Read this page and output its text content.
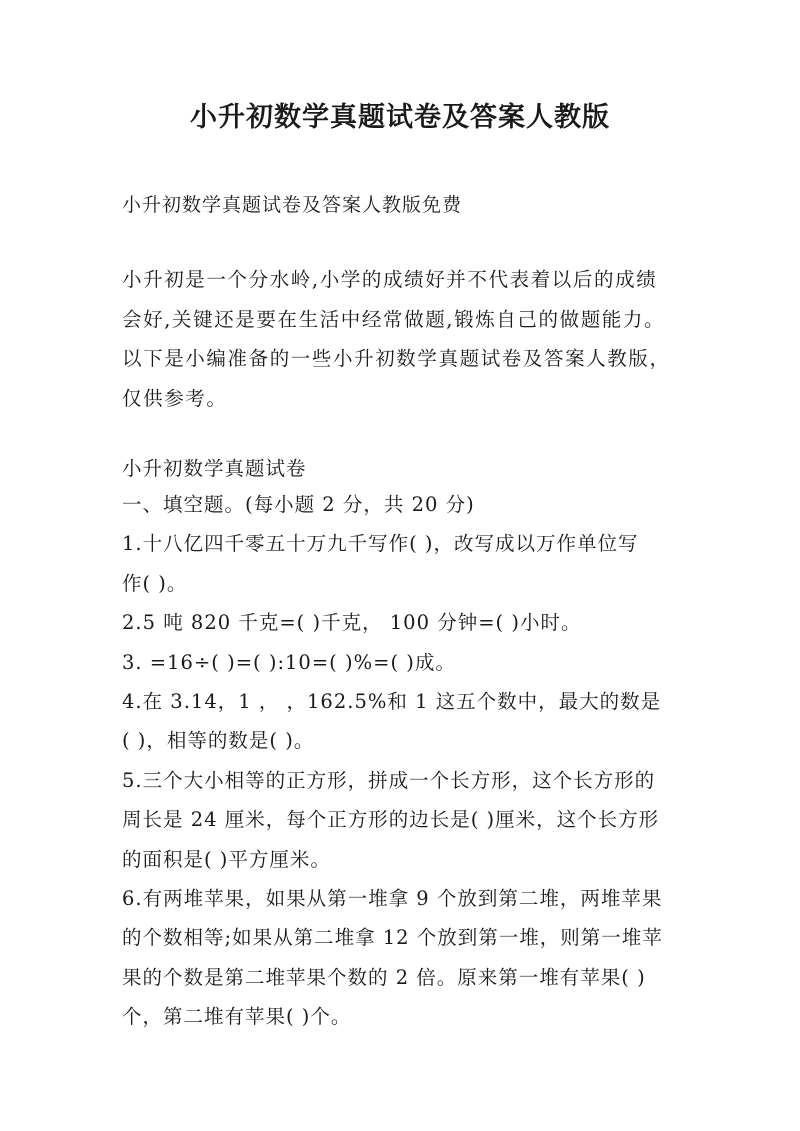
小升初数学真题试卷及答案人教版
小升初数学真题试卷及答案人教版免费
小升初是一个分水岭,小学的成绩好并不代表着以后的成绩
会好,关键还是要在生活中经常做题,锻炼自己的做题能力。
以下是小编准备的一些小升初数学真题试卷及答案人教版，
仅供参考。
小升初数学真题试卷
一、填空题。(每小题 2 分，共 20 分)
1.十八亿四千零五十万九千写作( )，改写成以万作单位写
作( )。
2.5 吨 820 千克=( )千克， 100 分钟=( )小时。
3. =16÷( )=( ):10=( )%=( )成。
4.在 3.14，1 ， ，162.5%和 1 这五个数中，最大的数是
( )，相等的数是( )。
5.三个大小相等的正方形，拼成一个长方形，这个长方形的
周长是 24 厘米，每个正方形的边长是( )厘米，这个长方形
的面积是( )平方厘米。
6.有两堆苹果，如果从第一堆拿 9 个放到第二堆，两堆苹果
的个数相等;如果从第二堆拿 12 个放到第一堆，则第一堆苹
果的个数是第二堆苹果个数的 2 倍。原来第一堆有苹果( )
个，第二堆有苹果( )个。
